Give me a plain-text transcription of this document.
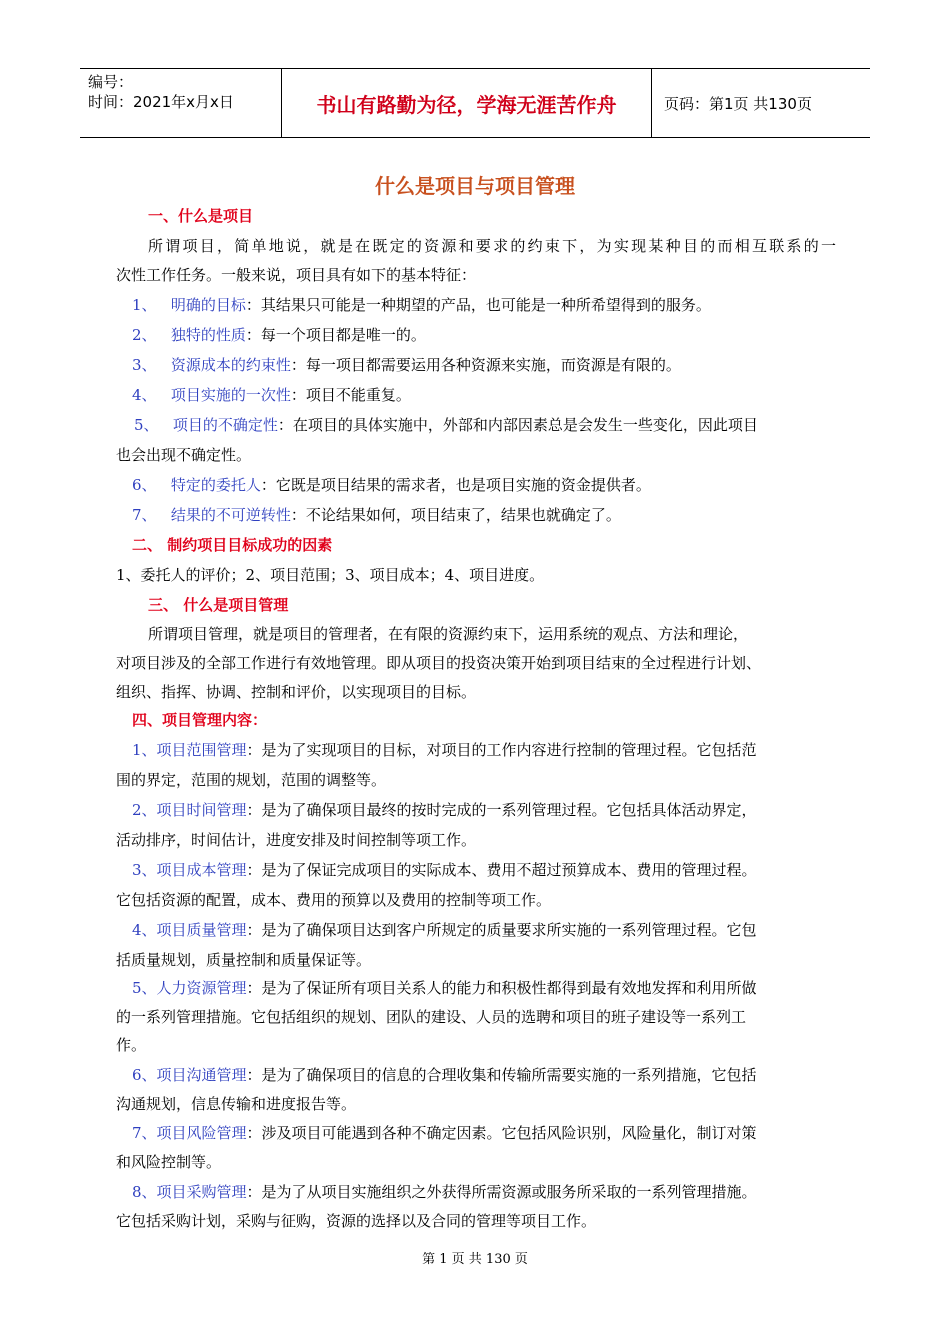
编号：
时间：2021年x月x日	书山有路勤为径，学海无涯苦作舟	页码：第1页 共130页
什么是项目与项目管理
一、什么是项目
所谓项目，简单地说，就是在既定的资源和要求的约束下，为实现某种目的而相互联系的一
次性工作任务。一般来说，项目具有如下的基本特征：
1、 明确的目标：其结果只可能是一种期望的产品，也可能是一种所希望得到的服务。
2、 独特的性质：每一个项目都是唯一的。
3、 资源成本的约束性：每一项目都需要运用各种资源来实施，而资源是有限的。
4、 项目实施的一次性：项目不能重复。
5、 项目的不确定性：在项目的具体实施中，外部和内部因素总是会发生一些变化，因此项目
也会出现不确定性。
6、 特定的委托人：它既是项目结果的需求者，也是项目实施的资金提供者。
7、 结果的不可逆转性：不论结果如何，项目结束了，结果也就确定了。
二、 制约项目目标成功的因素
1、委托人的评价；2、项目范围；3、项目成本；4、项目进度。
三、 什么是项目管理
所谓项目管理，就是项目的管理者，在有限的资源约束下，运用系统的观点、方法和理论，
对项目涉及的全部工作进行有效地管理。即从项目的投资决策开始到项目结束的全过程进行计划、
组织、指挥、协调、控制和评价，以实现项目的目标。
四、项目管理内容：
1、项目范围管理：是为了实现项目的目标，对项目的工作内容进行控制的管理过程。它包括范
围的界定，范围的规划，范围的调整等。
2、项目时间管理：是为了确保项目最终的按时完成的一系列管理过程。它包括具体活动界定，
活动排序，时间估计，进度安排及时间控制等项工作。
3、项目成本管理：是为了保证完成项目的实际成本、费用不超过预算成本、费用的管理过程。
它包括资源的配置，成本、费用的预算以及费用的控制等项工作。
4、项目质量管理：是为了确保项目达到客户所规定的质量要求所实施的一系列管理过程。它包
括质量规划，质量控制和质量保证等。
5、人力资源管理：是为了保证所有项目关系人的能力和积极性都得到最有效地发挥和利用所做
的一系列管理措施。它包括组织的规划、团队的建设、人员的选聘和项目的班子建设等一系列工
作。
6、项目沟通管理：是为了确保项目的信息的合理收集和传输所需要实施的一系列措施，它包括
沟通规划，信息传输和进度报告等。
7、项目风险管理：涉及项目可能遇到各种不确定因素。它包括风险识别，风险量化，制订对策
和风险控制等。
8、项目采购管理：是为了从项目实施组织之外获得所需资源或服务所采取的一系列管理措施。
它包括采购计划，采购与征购，资源的选择以及合同的管理等项目工作。
第 1 页 共 130 页
